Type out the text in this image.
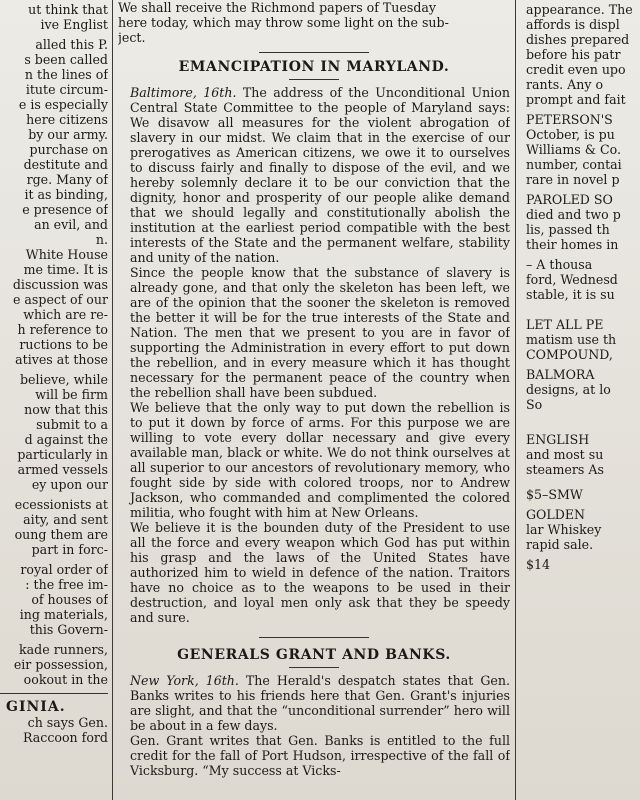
ut think that
ive Englist

alled this P.
s been called
n the lines of
itute circum-
e is especially
here citizens
by our army.
purchase on
destitute and
rge. Many of
it as binding,
e presence of
an evil, and
n.
White House
me time. It is
discussion was
e aspect of our
which are re-
h reference to
ructions to be
atives at those

believe, while
will be firm
now that this
submit to a
d against the
particularly in
armed vessels
ey upon our

ecessionists at
aity, and sent
oung them are
part in forc-

royal order of
: the free im-
of houses of
ing materials,
this Govern-

kade runners,
eir possession,
ookout in the
GINIA.
ch says Gen.
Raccoon ford
We shall receive the Richmond papers of Tuesday
here today, which may throw some light on the sub-
ject.
EMANCIPATION IN MARYLAND.
Baltimore, 16th. The address of the Unconditional Union Central State Committee to the people of Maryland says: We disavow all measures for the violent abrogation of slavery in our midst. We claim that in the exercise of our prerogatives as American citizens, we owe it to ourselves to discuss fairly and finally to dispose of the evil, and we hereby solemnly declare it to be our conviction that the dignity, honor and prosperity of our people alike demand that we should legally and constitutionally abolish the institution at the earliest period compatible with the best interests of the State and the permanent welfare, stability and unity of the nation.
Since the people know that the substance of slavery is already gone, and that only the skeleton has been left, we are of the opinion that the sooner the skeleton is removed the better it will be for the true interests of the State and Nation. The men that we present to you are in favor of supporting the Administration in every effort to put down the rebellion, and in every measure which it has thought necessary for the permanent peace of the country when the rebellion shall have been subdued.
We believe that the only way to put down the rebellion is to put it down by force of arms. For this purpose we are willing to vote every dollar necessary and give every available man, black or white. We do not think ourselves at all superior to our ancestors of revolutionary memory, who fought side by side with colored troops, nor to Andrew Jackson, who commanded and complimented the colored militia, who fought with him at New Orleans.
We believe it is the bounden duty of the President to use all the force and every weapon which God has put within his grasp and the laws of the United States have authorized him to wield in defence of the nation. Traitors have no choice as to the weapons to be used in their destruction, and loyal men only ask that they be speedy and sure.
GENERALS GRANT AND BANKS.
New York, 16th. The Herald's despatch states that Gen. Banks writes to his friends here that Gen. Grant's injuries are slight, and that the “unconditional surrender” hero will be about in a few days.
Gen. Grant writes that Gen. Banks is entitled to the full credit for the fall of Port Hudson, irrespective of the fall of Vicksburg. “My success at Vicks-
appearance. The
affords is displ
dishes prepared
before his patr
credit even upo
rants. Any o
prompt and fait

PETERSON'S
October, is pu
Williams & Co.
number, contai
rare in novel p

PAROLED SO
died and two p
lis, passed th
their homes in

– A thousa
ford, Wednesd
stable, it is su

LET ALL PE
matism use th
COMPOUND,

BALMORA
designs, at lo
So

ENGLISH
and most su
steamers As

$5–SMW

GOLDEN
lar Whiskey
rapid sale.

$14
